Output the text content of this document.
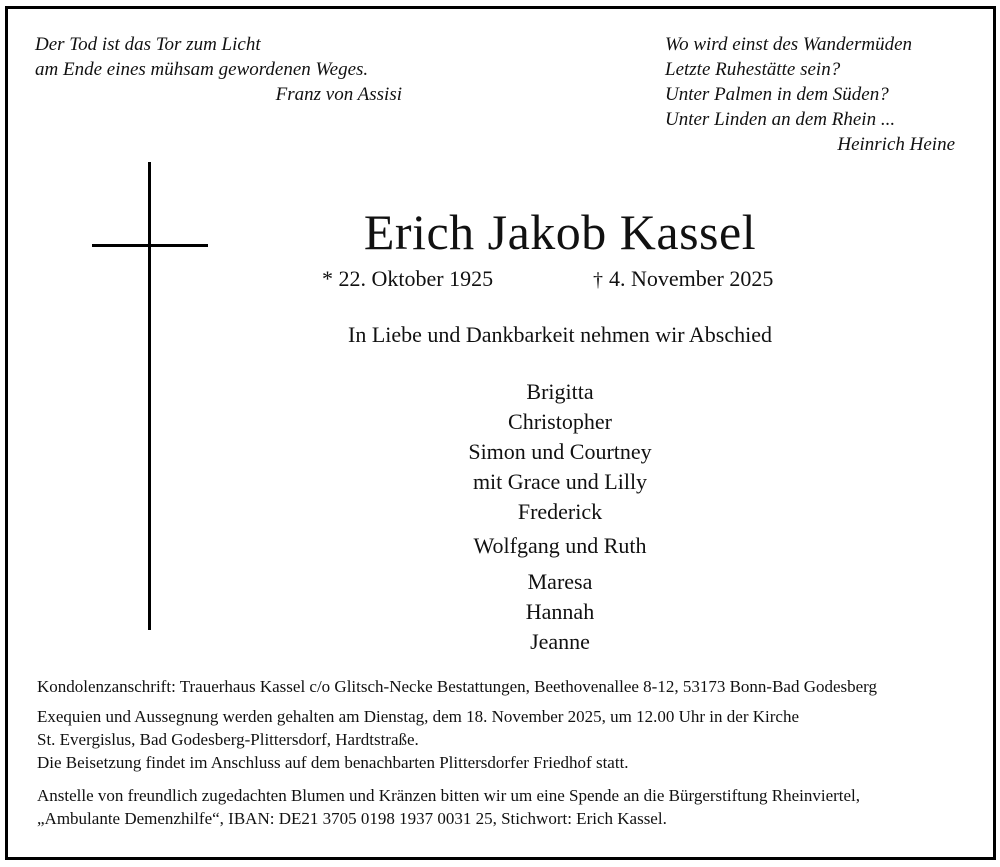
Der Tod ist das Tor zum Licht
am Ende eines mühsam gewordenen Weges.
Franz von Assisi
Wo wird einst des Wandermüden
Letzte Ruhestätte sein?
Unter Palmen in dem Süden?
Unter Linden an dem Rhein ...
Heinrich Heine
Erich Jakob Kassel
* 22. Oktober 1925	† 4. November 2025
In Liebe und Dankbarkeit nehmen wir Abschied
Brigitta
Christopher
Simon und Courtney
mit Grace und Lilly
Frederick
Wolfgang und Ruth
Maresa
Hannah
Jeanne
Kondolenzanschrift: Trauerhaus Kassel c/o Glitsch-Necke Bestattungen, Beethovenallee 8-12, 53173 Bonn-Bad Godesberg
Exequien und Aussegnung werden gehalten am Dienstag, dem 18. November 2025, um 12.00 Uhr in der Kirche
St. Evergislus, Bad Godesberg-Plittersdorf, Hardtstraße.
Die Beisetzung findet im Anschluss auf dem benachbarten Plittersdorfer Friedhof statt.
Anstelle von freundlich zugedachten Blumen und Kränzen bitten wir um eine Spende an die Bürgerstiftung Rheinviertel,
„Ambulante Demenzhilfe“, IBAN: DE21 3705 0198 1937 0031 25, Stichwort: Erich Kassel.
